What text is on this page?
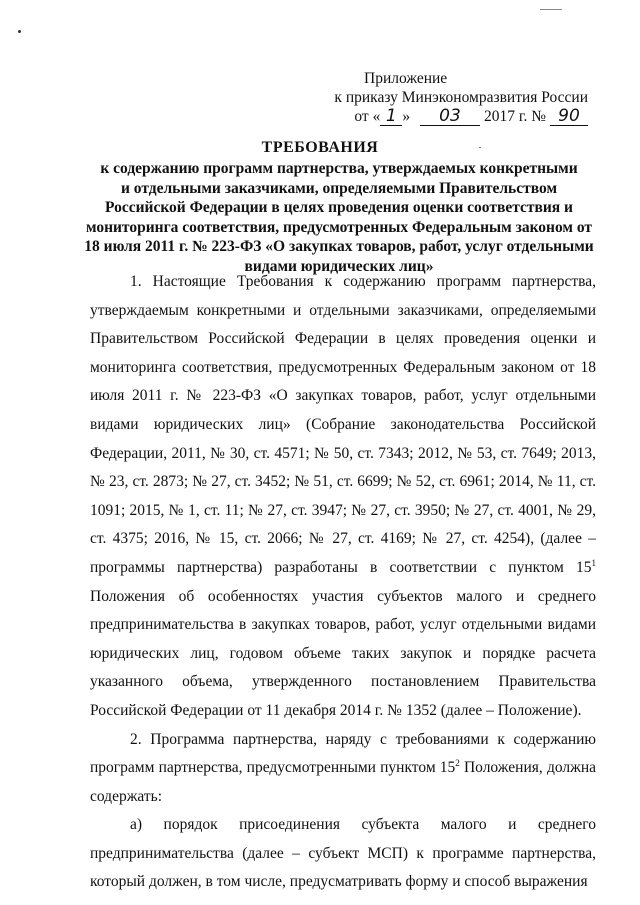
Приложение
к приказу Минэкономразвития России
от « 1 » 03 2017 г. № 90
ТРЕБОВАНИЯ
к содержанию программ партнерства, утверждаемых конкретными
и отдельными заказчиками, определяемыми Правительством
Российской Федерации в целях проведения оценки соответствия и
мониторинга соответствия, предусмотренных Федеральным законом от
18 июля 2011 г. № 223-ФЗ «О закупках товаров, работ, услуг отдельными
видами юридических лиц»

1. Настоящие Требования к содержанию программ партнерства, утверждаемым конкретными и отдельными заказчиками, определяемыми Правительством Российской Федерации в целях проведения оценки и мониторинга соответствия, предусмотренных Федеральным законом от 18 июля 2011 г. № 223-ФЗ «О закупках товаров, работ, услуг отдельными видами юридических лиц» (Собрание законодательства Российской Федерации, 2011, № 30, ст. 4571; № 50, ст. 7343; 2012, № 53, ст. 7649; 2013, № 23, ст. 2873; № 27, ст. 3452; № 51, ст. 6699; № 52, ст. 6961; 2014, № 11, ст. 1091; 2015, № 1, ст. 11; № 27, ст. 3947; № 27, ст. 3950; № 27, ст. 4001, № 29, ст. 4375; 2016, № 15, ст. 2066; № 27, ст. 4169; № 27, ст. 4254), (далее – программы партнерства) разработаны в соответствии с пунктом $15^1$ Положения об особенностях участия субъектов малого и среднего предпринимательства в закупках товаров, работ, услуг отдельными видами юридических лиц, годовом объеме таких закупок и порядке расчета указанного объема, утвержденного постановлением Правительства Российской Федерации от 11 декабря 2014 г. № 1352 (далее – Положение).

2. Программа партнерства, наряду с требованиями к содержанию программ партнерства, предусмотренными пунктом $15^2$ Положения, должна содержать:

а) порядок присоединения субъекта малого и среднего предпринимательства (далее – субъект МСП) к программе партнерства, который должен, в том числе, предусматривать форму и способ выражения
